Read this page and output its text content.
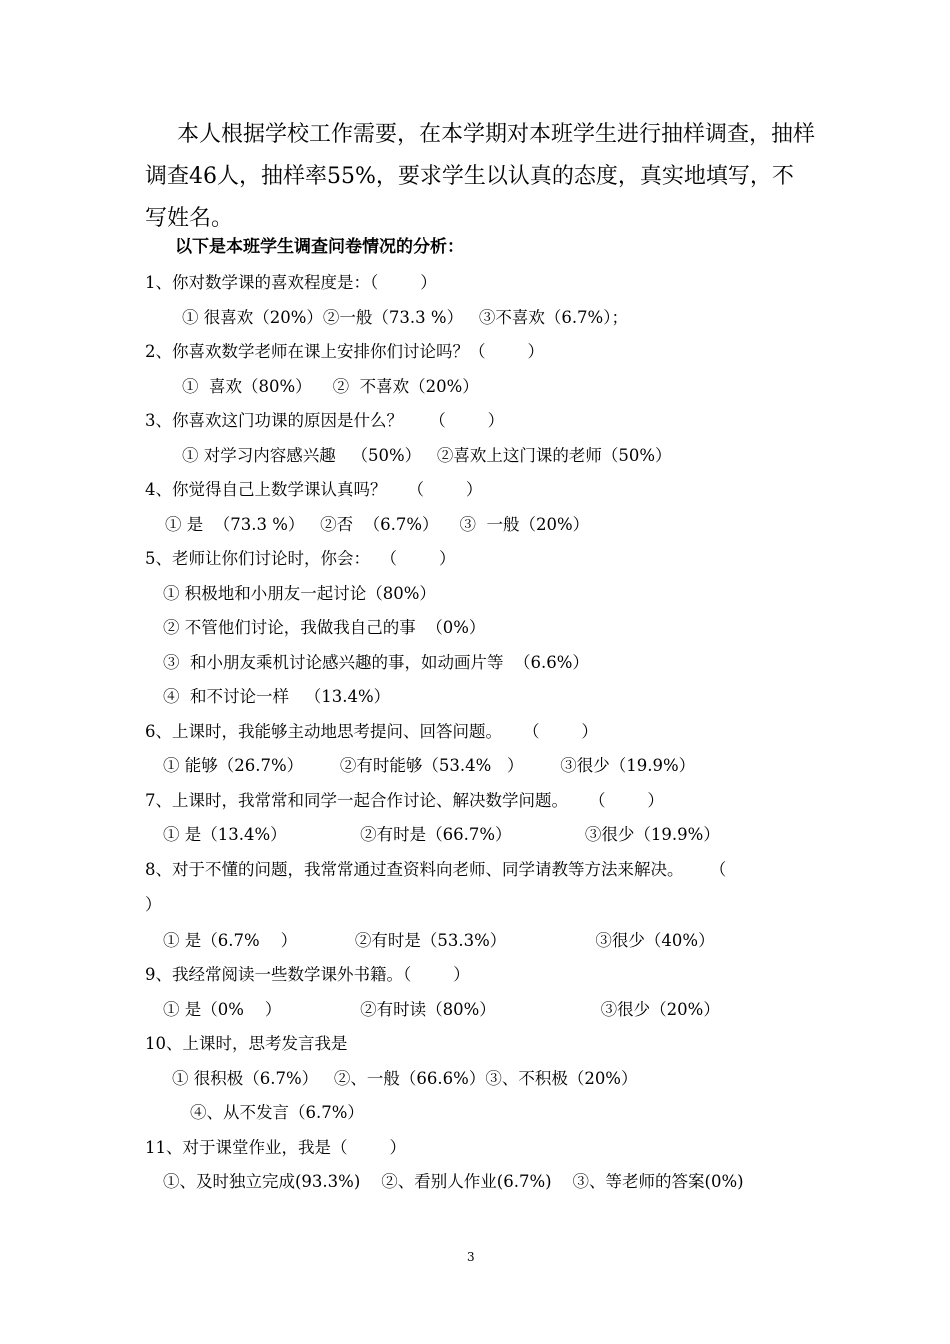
本人根据学校工作需要，在本学期对本班学生进行抽样调查，抽样调查46人，抽样率55%，要求学生以认真的态度，真实地填写，不写姓名。

以下是本班学生调查问卷情况的分析：

1、你对数学课的喜欢程度是：（        ）

① 很喜欢（20%）②一般（73.3 %）   ③不喜欢（6.7%）；

2、你喜欢数学老师在课上安排你们讨论吗？（        ）

①  喜欢（80%）    ②  不喜欢（20%）

3、你喜欢这门功课的原因是什么？     （        ）

① 对学习内容感兴趣   （50%）   ②喜欢上这门课的老师（50%）

4、你觉得自己上数学课认真吗？    （        ）

① 是  （73.3 %）   ②否  （6.7%）    ③  一般（20%）

5、老师让你们讨论时，你会：  （        ）

① 积极地和小朋友一起讨论（80%）

② 不管他们讨论，我做我自己的事  （0%）

③  和小朋友乘机讨论感兴趣的事，如动画片等  （6.6%）

④  和不讨论一样   （13.4%）

6、上课时，我能够主动地思考提问、回答问题。    （        ）

① 能够（26.7%）       ②有时能够（53.4%   ）       ③很少（19.9%）

7、上课时，我常常和同学一起合作讨论、解决数学问题。    （        ）

① 是（13.4%）              ②有时是（66.7%）              ③很少（19.9%）

8、对于不懂的问题，我常常通过查资料向老师、同学请教等方法来解决。     （

）

① 是（6.7%    ）           ②有时是（53.3%）                 ③很少（40%）

9、我经常阅读一些数学课外书籍。（        ）

① 是（0%    ）               ②有时读（80%）                    ③很少（20%）

10、上课时，思考发言我是

① 很积极（6.7%）   ②、一般（66.6%）③、不积极（20%）

④、从不发言（6.7%）

11、对于课堂作业，我是（        ）

①、及时独立完成(93.3%)    ②、看别人作业(6.7%)    ③、等老师的答案(0%)

3
